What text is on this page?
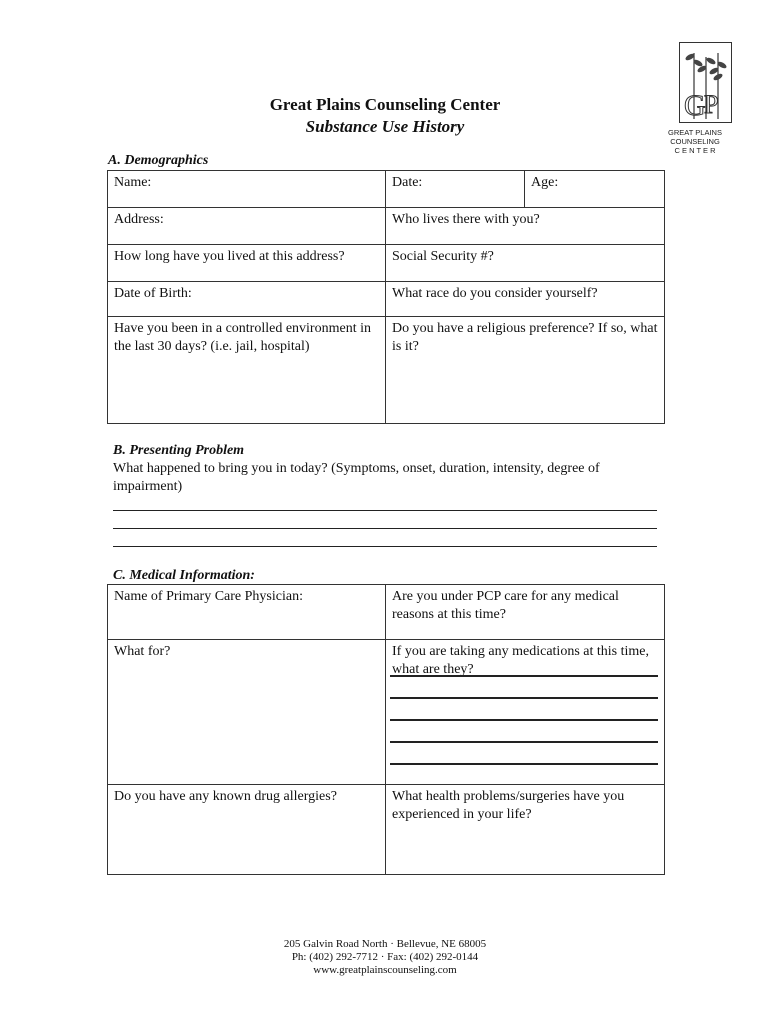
G
P
GREAT PLAINS
COUNSELING
C E N T E R
Great Plains Counseling Center
Substance Use History
A. Demographics
Name:	Date:	Age:
Address:	Who lives there with you?	
How long have you lived at this address?	Social Security #?	
Date of Birth:	What race do you consider yourself?	
Have you been in a controlled environment in the last 30 days? (i.e. jail, hospital)	Do you have a religious preference? If so, what is it?	
B. Presenting Problem
What happened to bring you in today? (Symptoms, onset, duration, intensity, degree of impairment)
C. Medical Information:
Name of Primary Care Physician:	Are you under PCP care for any medical reasons at this time?
What for?	If you are taking any medications at this time, what are they?
Do you have any known drug allergies?	What health problems/surgeries have you experienced in your life?
205 Galvin Road North · Bellevue, NE 68005
Ph: (402) 292-7712 · Fax: (402) 292-0144
www.greatplainscounseling.com
